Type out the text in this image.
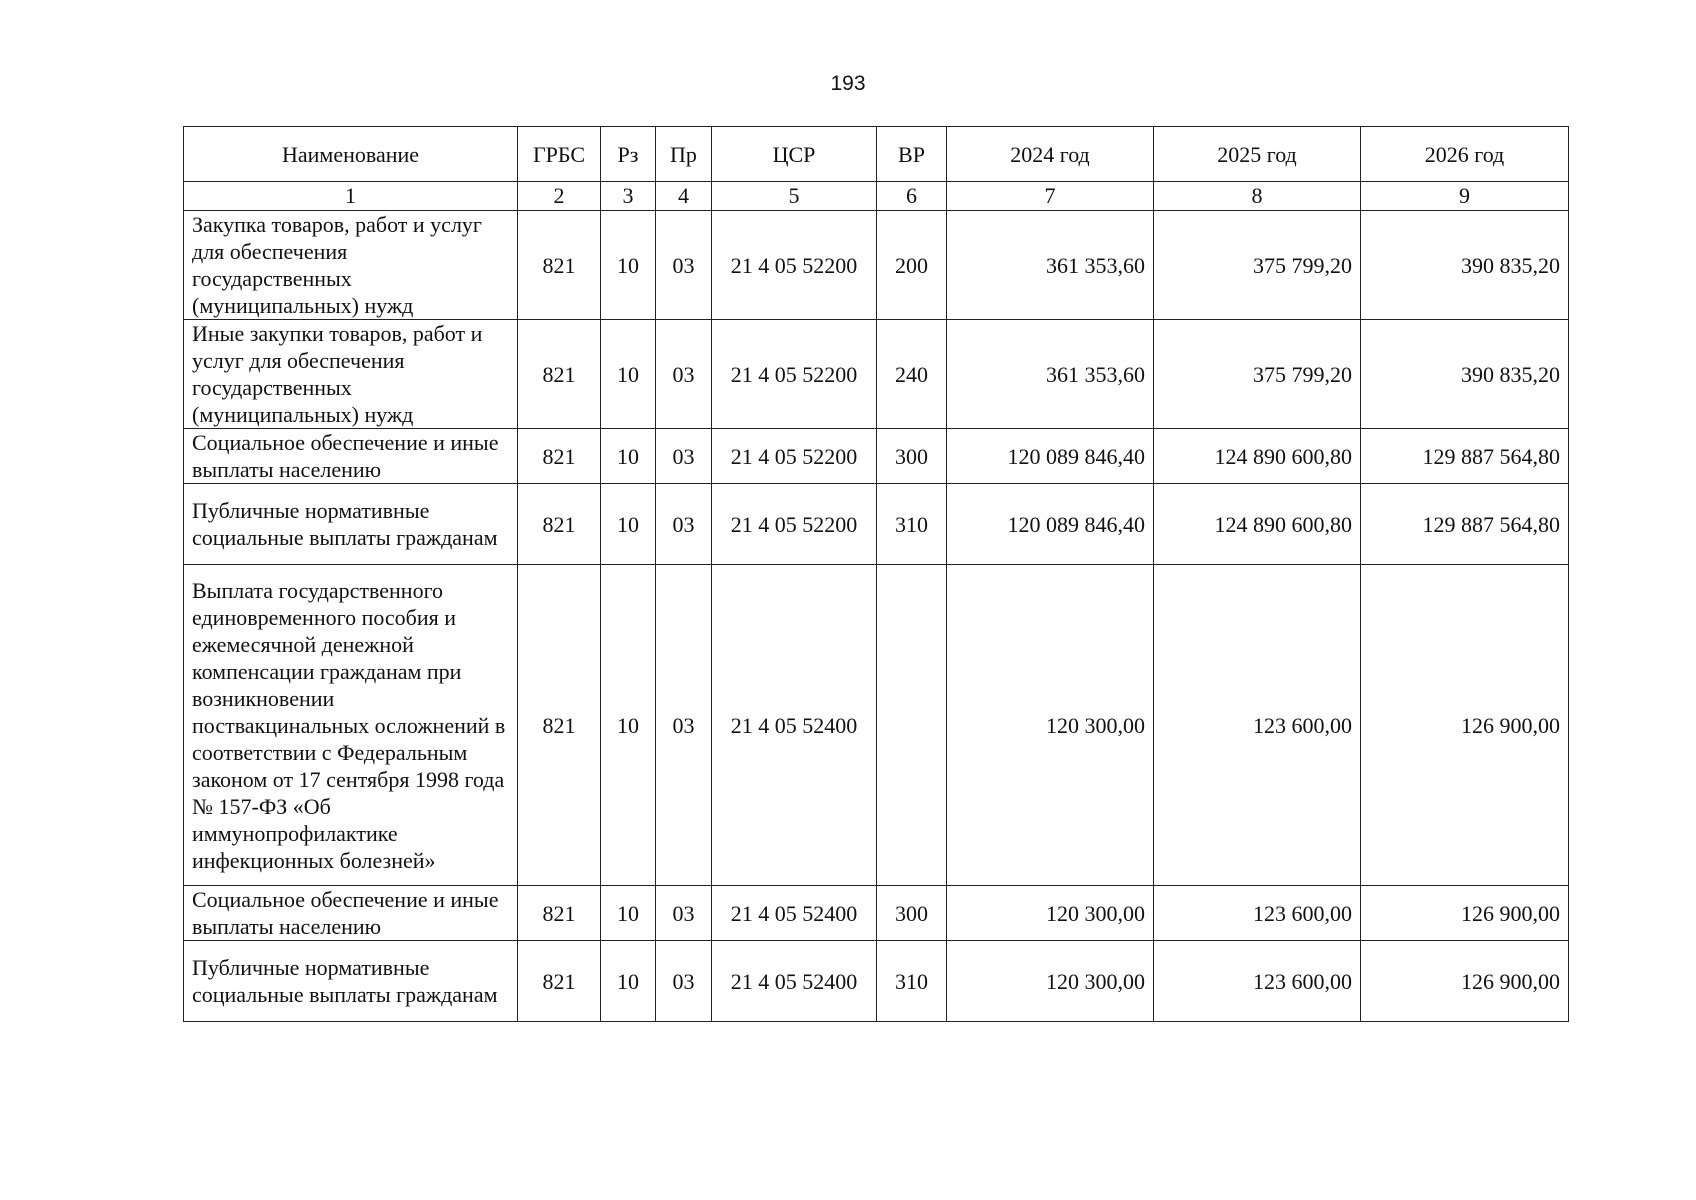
193
Наименование	ГРБС	Рз	Пр	ЦСР	ВР	2024 год	2025 год	2026 год
1	2	3	4	5	6	7	8	9
Закупка товаров, работ и услуг для обеспечения государственных (муниципальных) нужд	821	10	03	21 4 05 52200	200	361 353,60	375 799,20	390 835,20
Иные закупки товаров, работ и услуг для обеспечения государственных (муниципальных) нужд	821	10	03	21 4 05 52200	240	361 353,60	375 799,20	390 835,20
Социальное обеспечение и иные выплаты населению	821	10	03	21 4 05 52200	300	120 089 846,40	124 890 600,80	129 887 564,80
Публичные нормативные социальные выплаты гражданам	821	10	03	21 4 05 52200	310	120 089 846,40	124 890 600,80	129 887 564,80
Выплата государственного единовременного пособия и ежемесячной денежной компенсации гражданам при возникновении поствакцинальных осложнений в соответствии с Федеральным законом от 17 сентября 1998 года № 157-ФЗ «Об иммунопрофилактике инфекционных болезней»	821	10	03	21 4 05 52400		120 300,00	123 600,00	126 900,00
Социальное обеспечение и иные выплаты населению	821	10	03	21 4 05 52400	300	120 300,00	123 600,00	126 900,00
Публичные нормативные социальные выплаты гражданам	821	10	03	21 4 05 52400	310	120 300,00	123 600,00	126 900,00
